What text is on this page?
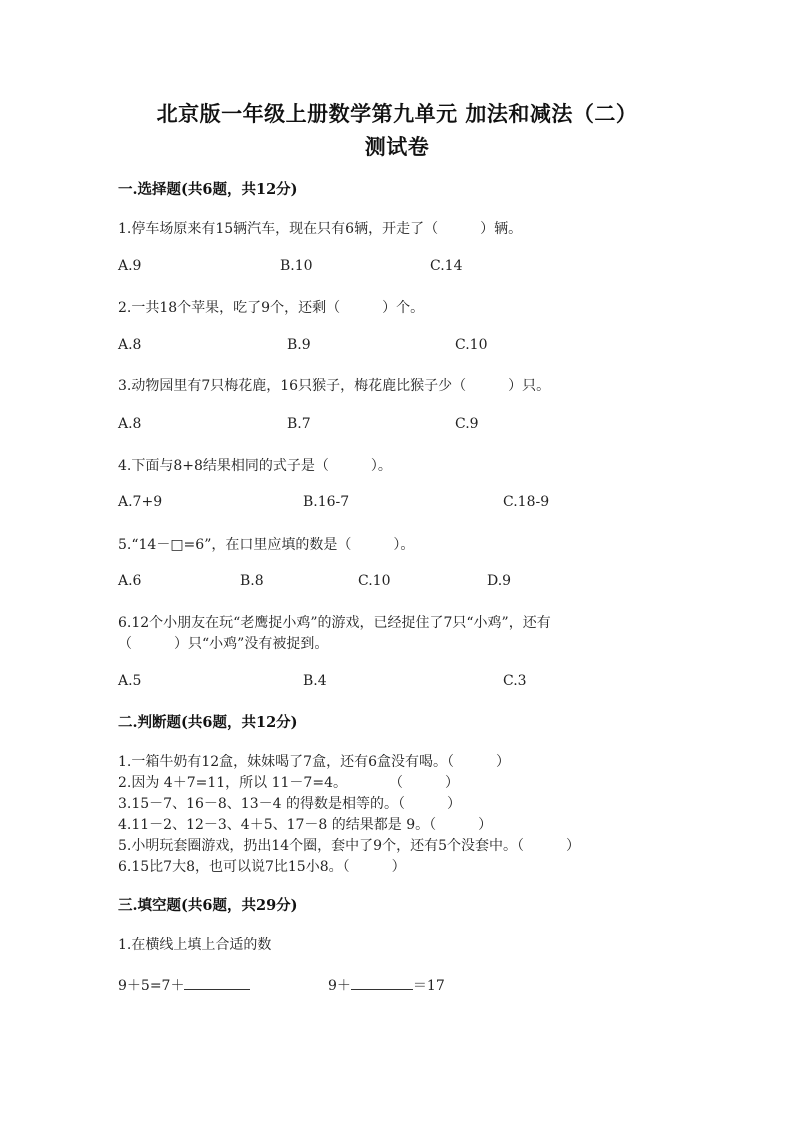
北京版一年级上册数学第九单元 加法和减法（二）
测试卷
一.选择题(共6题，共12分)
1.停车场原来有15辆汽车，现在只有6辆，开走了（　　　）辆。
A.9	B.10	C.14
2.一共18个苹果，吃了9个，还剩（　　　）个。
A.8	B.9	C.10
3.动物园里有7只梅花鹿，16只猴子，梅花鹿比猴子少（　　　）只。
A.8	B.7	C.9
4.下面与8+8结果相同的式子是（　　　）。
A.7+9	B.16-7	C.18-9
5.“14－□=6”，在口里应填的数是（　　　）。
A.6	B.8	C.10	D.9
6.12个小朋友在玩“老鹰捉小鸡”的游戏，已经捉住了7只“小鸡”，还有
（　　　）只“小鸡”没有被捉到。
A.5	B.4	C.3
二.判断题(共6题，共12分)
1.一箱牛奶有12盒，妹妹喝了7盒，还有6盒没有喝。（　　　）
2.因为 4＋7=11，所以 11－7=4。　　　　（　　　）
3.15－7、16－8、13－4 的得数是相等的。（　　　）
4.11－2、12－3、4＋5、17－8 的结果都是 9。（　　　）
5.小明玩套圈游戏，扔出14个圈，套中了9个，还有5个没套中。（　　　）
6.15比7大8，也可以说7比15小8。（　　　）
三.填空题(共6题，共29分)
1.在横线上填上合适的数
9＋5=7＋	9＋	＝17
